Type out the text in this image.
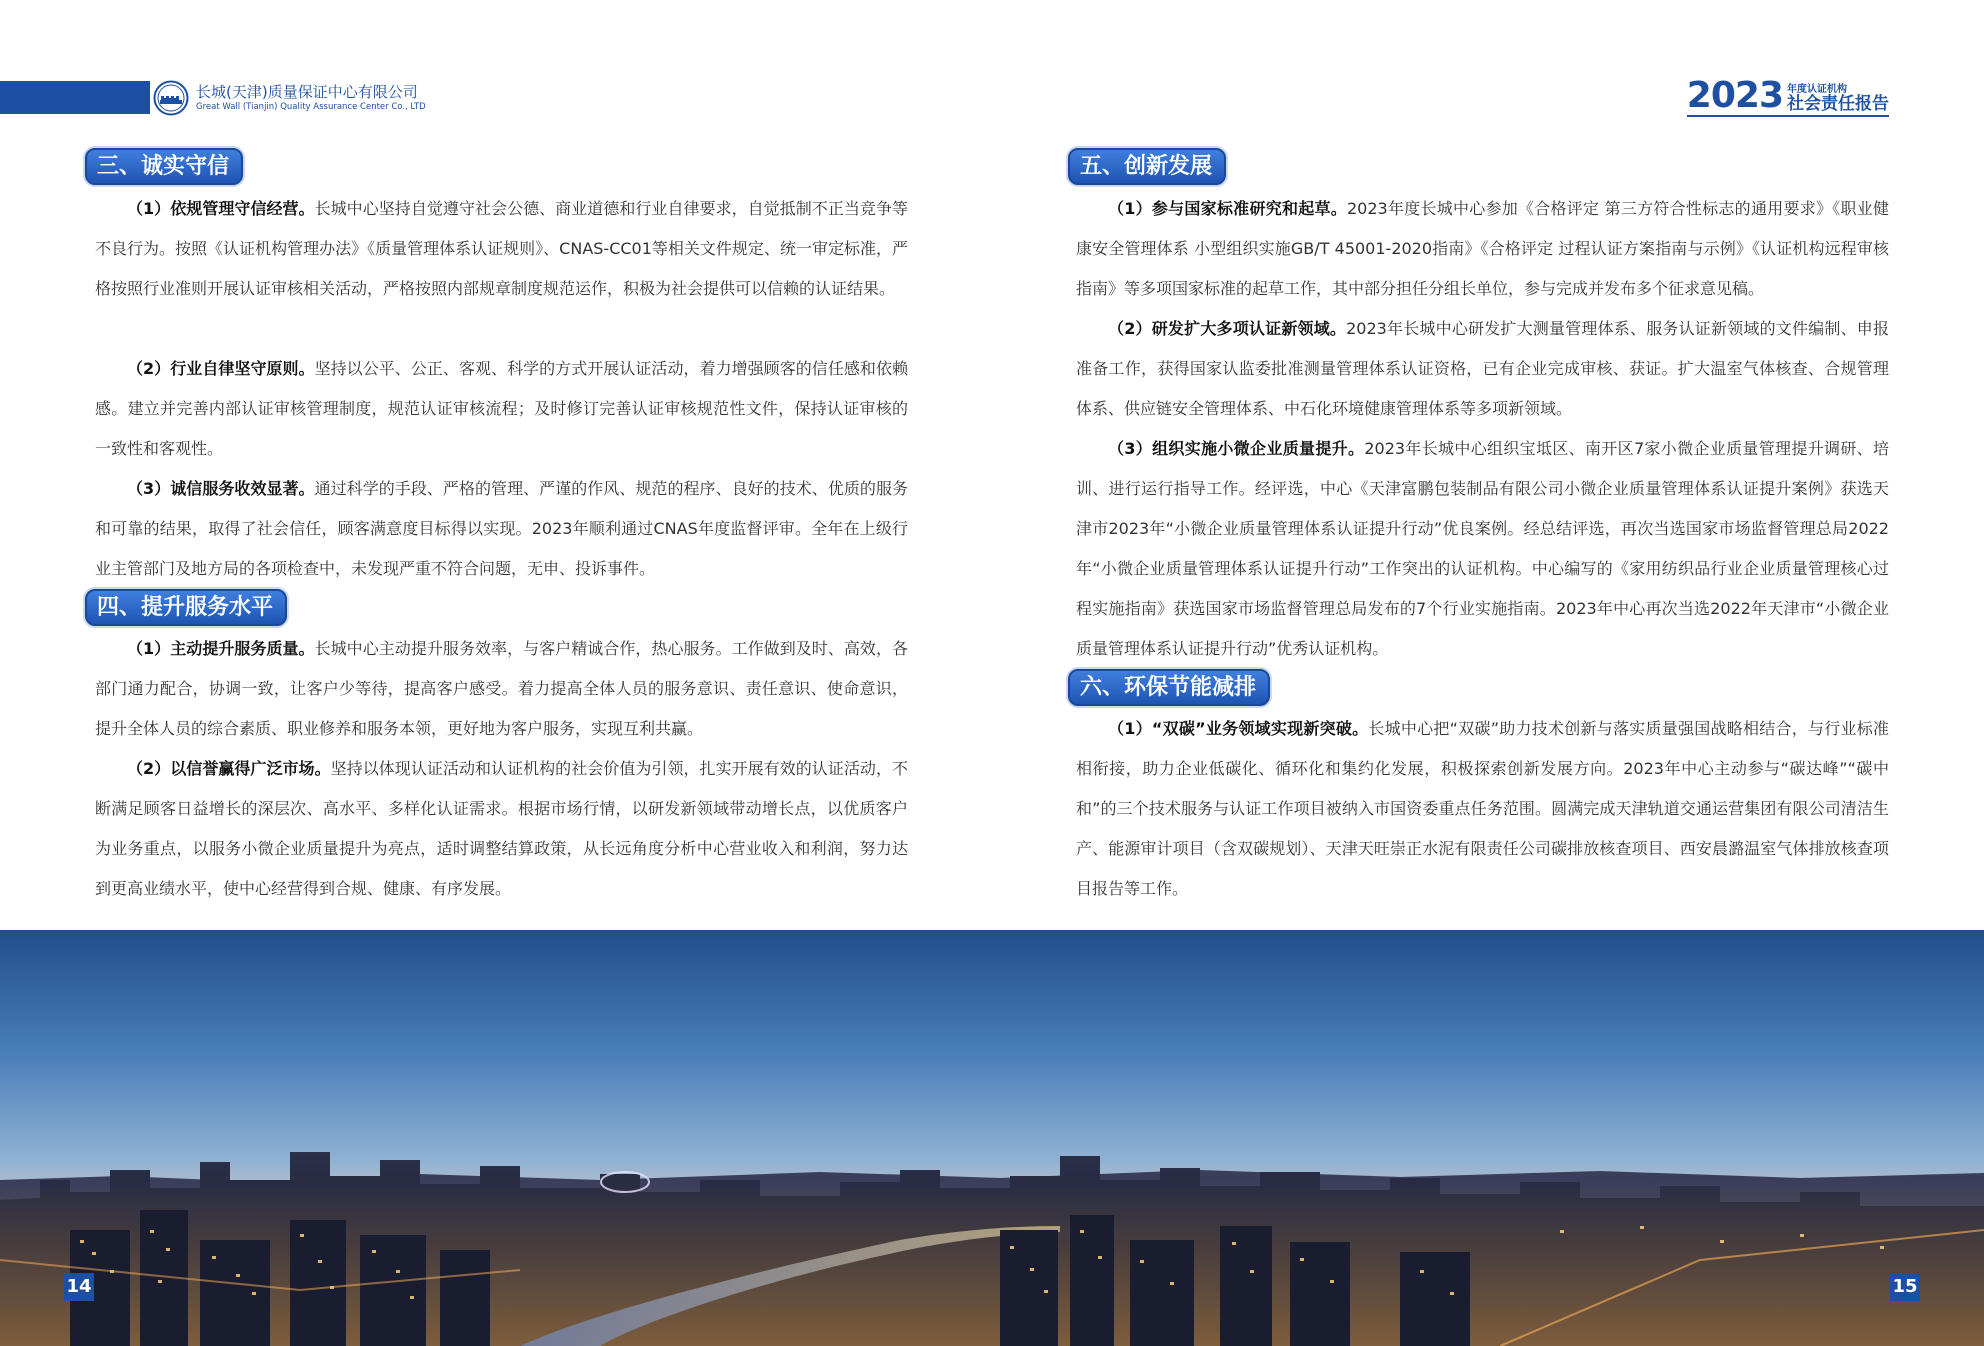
长城(天津)质量保证中心有限公司
Great Wall (Tianjin) Quality Assurance Center Co., LTD	2023 年度认证机构
社会责任报告
三、诚实守信

（1）依规管理守信经营。长城中心坚持自觉遵守社会公德、商业道德和行业自律要求，自觉抵制不正当竞争等不良行为。按照《认证机构管理办法》《质量管理体系认证规则》、CNAS-CC01等相关文件规定、统一审定标准，严格按照行业准则开展认证审核相关活动，严格按照内部规章制度规范运作，积极为社会提供可以信赖的认证结果。

（2）行业自律坚守原则。坚持以公平、公正、客观、科学的方式开展认证活动，着力增强顾客的信任感和依赖感。建立并完善内部认证审核管理制度，规范认证审核流程；及时修订完善认证审核规范性文件，保持认证审核的一致性和客观性。

（3）诚信服务收效显著。通过科学的手段、严格的管理、严谨的作风、规范的程序、良好的技术、优质的服务和可靠的结果，取得了社会信任，顾客满意度目标得以实现。2023年顺利通过CNAS年度监督评审。全年在上级行业主管部门及地方局的各项检查中，未发现严重不符合问题，无申、投诉事件。

四、提升服务水平

（1）主动提升服务质量。长城中心主动提升服务效率，与客户精诚合作，热心服务。工作做到及时、高效，各部门通力配合，协调一致，让客户少等待，提高客户感受。着力提高全体人员的服务意识、责任意识、使命意识，提升全体人员的综合素质、职业修养和服务本领，更好地为客户服务，实现互利共赢。

（2）以信誉赢得广泛市场。坚持以体现认证活动和认证机构的社会价值为引领，扎实开展有效的认证活动，不断满足顾客日益增长的深层次、高水平、多样化认证需求。根据市场行情，以研发新领域带动增长点，以优质客户为业务重点，以服务小微企业质量提升为亮点，适时调整结算政策，从长远角度分析中心营业收入和利润，努力达到更高业绩水平，使中心经营得到合规、健康、有序发展。

五、创新发展

（1）参与国家标准研究和起草。2023年度长城中心参加《合格评定 第三方符合性标志的通用要求》《职业健康安全管理体系 小型组织实施GB/T 45001-2020指南》《合格评定 过程认证方案指南与示例》《认证机构远程审核指南》等多项国家标准的起草工作，其中部分担任分组长单位，参与完成并发布多个征求意见稿。

（2）研发扩大多项认证新领域。2023年长城中心研发扩大测量管理体系、服务认证新领域的文件编制、申报准备工作，获得国家认监委批准测量管理体系认证资格，已有企业完成审核、获证。扩大温室气体核查、合规管理体系、供应链安全管理体系、中石化环境健康管理体系等多项新领域。

（3）组织实施小微企业质量提升。2023年长城中心组织宝坻区、南开区7家小微企业质量管理提升调研、培训、进行运行指导工作。经评选，中心《天津富鹏包装制品有限公司小微企业质量管理体系认证提升案例》获选天津市2023年“小微企业质量管理体系认证提升行动”优良案例。经总结评选，再次当选国家市场监督管理总局2022年“小微企业质量管理体系认证提升行动”工作突出的认证机构。中心编写的《家用纺织品行业企业质量管理核心过程实施指南》获选国家市场监督管理总局发布的7个行业实施指南。2023年中心再次当选2022年天津市“小微企业质量管理体系认证提升行动”优秀认证机构。

六、环保节能减排

（1）“双碳”业务领域实现新突破。长城中心把“双碳”助力技术创新与落实质量强国战略相结合，与行业标准相衔接，助力企业低碳化、循环化和集约化发展，积极探索创新发展方向。2023年中心主动参与“碳达峰”“碳中和”的三个技术服务与认证工作项目被纳入市国资委重点任务范围。圆满完成天津轨道交通运营集团有限公司清洁生产、能源审计项目（含双碳规划）、天津天旺崇正水泥有限责任公司碳排放核查项目、西安晨潞温室气体排放核查项目报告等工作。

14	15
